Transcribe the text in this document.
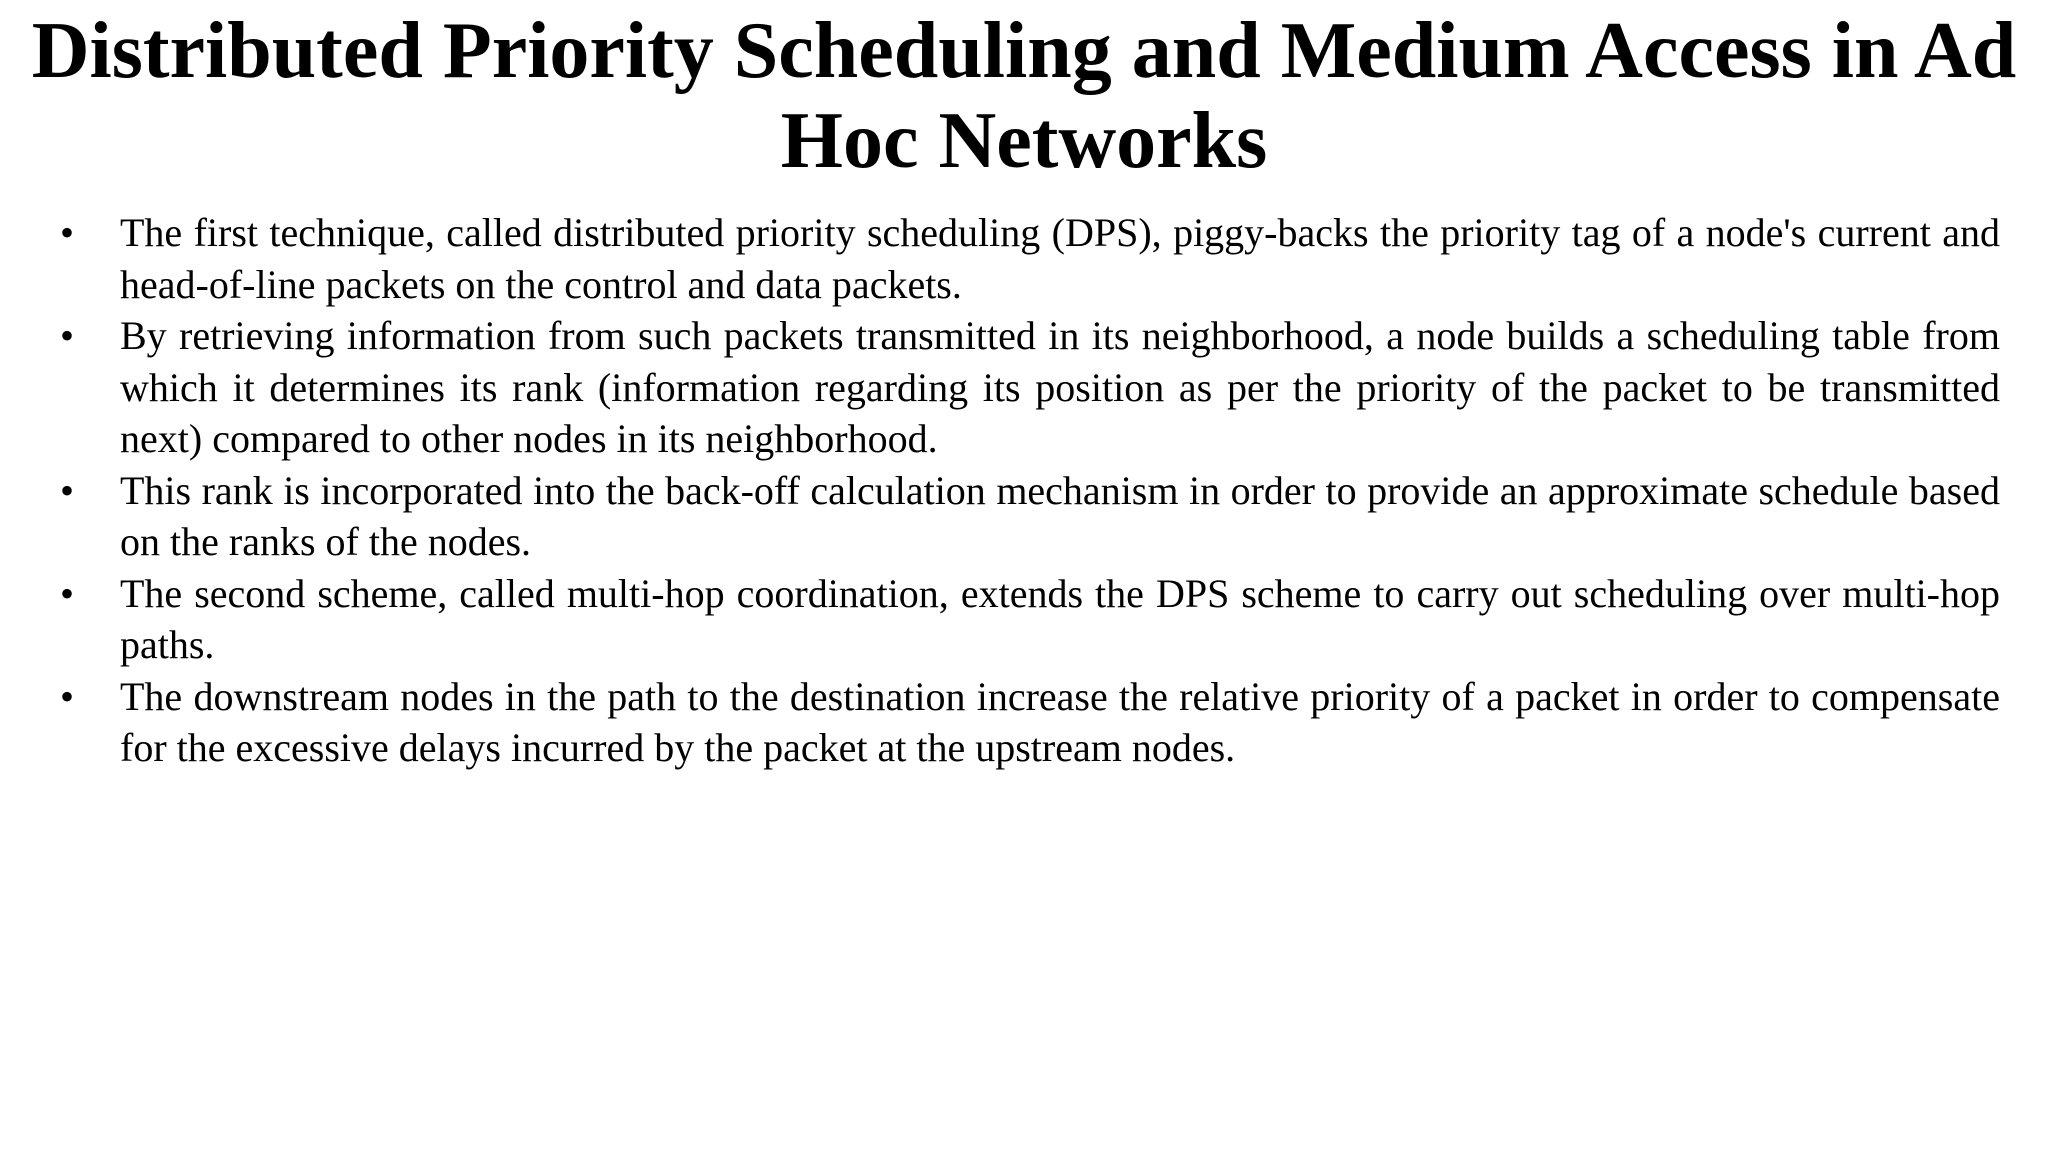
Distributed Priority Scheduling and Medium Access in Ad Hoc Networks
•	The first technique, called distributed priority scheduling (DPS), piggy-backs the priority tag of a node's current and head-of-line packets on the control and data packets.
•	By retrieving information from such packets transmitted in its neighborhood, a node builds a scheduling table from which it determines its rank (information regarding its position as per the priority of the packet to be transmitted next) compared to other nodes in its neighborhood.
•	This rank is incorporated into the back-off calculation mechanism in order to provide an approximate schedule based on the ranks of the nodes.
•	The second scheme, called multi-hop coordination, extends the DPS scheme to carry out scheduling over multi-hop paths.
•	The downstream nodes in the path to the destination increase the relative priority of a packet in order to compensate for the excessive delays incurred by the packet at the upstream nodes.
